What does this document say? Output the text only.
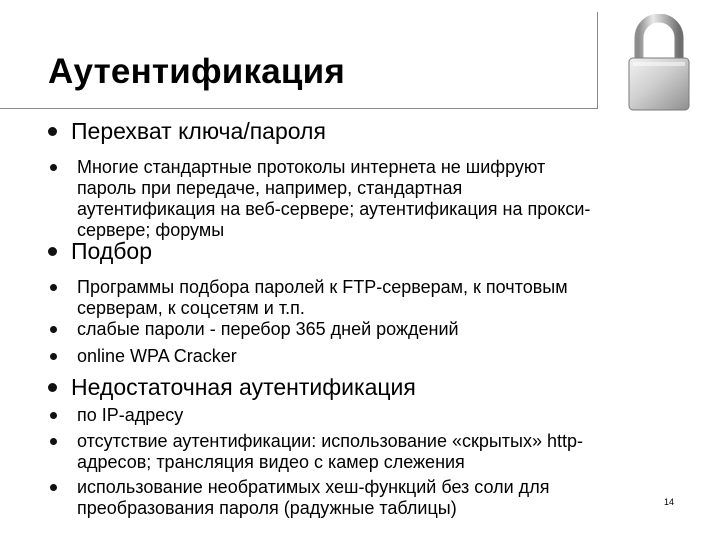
Аутентификация
Перехват ключа/пароля
Многие стандартные протоколы интернета не шифруют
пароль при передаче, например, стандартная
аутентификация на веб-сервере; аутентификация на прокси-
сервере; форумы
Подбор
Программы подбора паролей к FTP-серверам, к почтовым
серверам, к соцсетям и т.п.
слабые пароли - перебор 365 дней рождений
online WPA Cracker
Недостаточная аутентификация
по IP-адресу
отсутствие аутентификации: использование «скрытых» http-
адресов; трансляция видео с камер слежения
использование необратимых хеш-функций без соли для
преобразования пароля (радужные таблицы)	14
